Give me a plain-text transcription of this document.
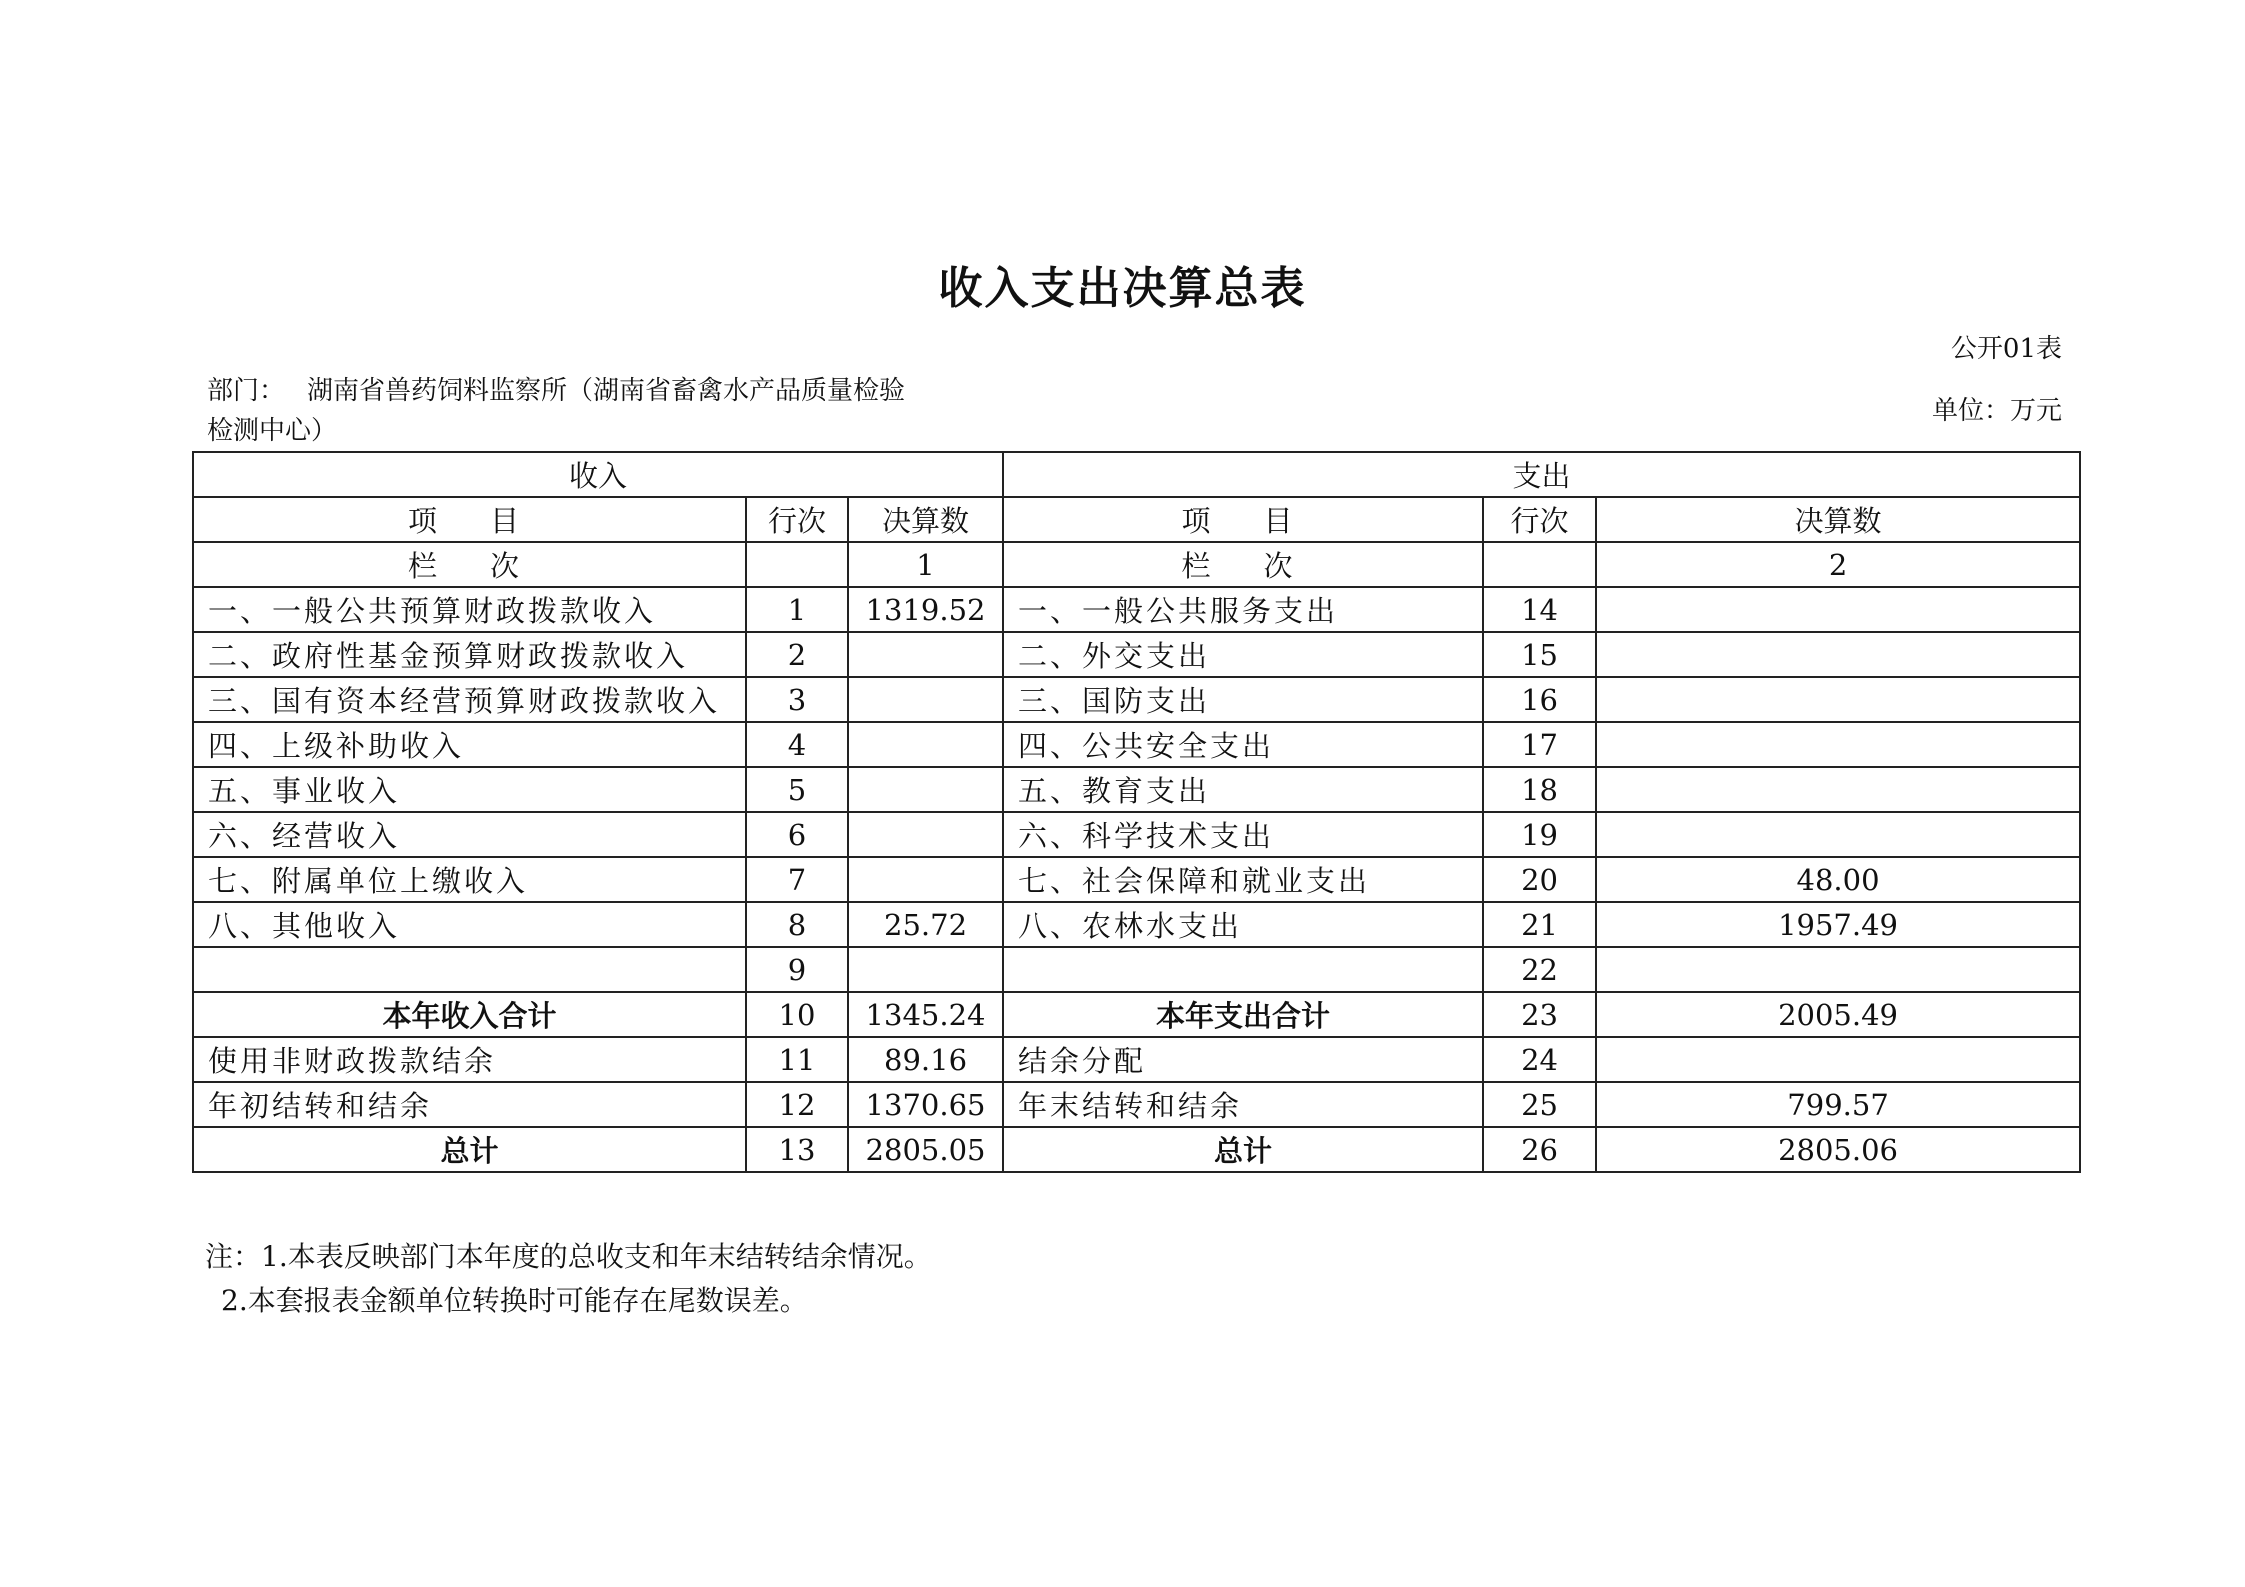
收入支出决算总表
公开01表
部门： 湖南省兽药饲料监察所（湖南省畜禽水产品质量检验检测中心）
单位：万元
收入			支出		
项　目	行次	决算数	项　目	行次	决算数
栏　次		1	栏　次		2
一、一般公共预算财政拨款收入	1	1319.52	一、一般公共服务支出	14	
二、政府性基金预算财政拨款收入	2		二、外交支出	15	
三、国有资本经营预算财政拨款收入	3		三、国防支出	16	
四、上级补助收入	4		四、公共安全支出	17	
五、事业收入	5		五、教育支出	18	
六、经营收入	6		六、科学技术支出	19	
七、附属单位上缴收入	7		七、社会保障和就业支出	20	48.00
八、其他收入	8	25.72	八、农林水支出	21	1957.49
	9			22	
本年收入合计	10	1345.24	本年支出合计	23	2005.49
使用非财政拨款结余	11	89.16	结余分配	24	
年初结转和结余	12	1370.65	年末结转和结余	25	799.57
总计	13	2805.05	总计	26	2805.06
注：1.本表反映部门本年度的总收支和年末结转结余情况。
2.本套报表金额单位转换时可能存在尾数误差。
